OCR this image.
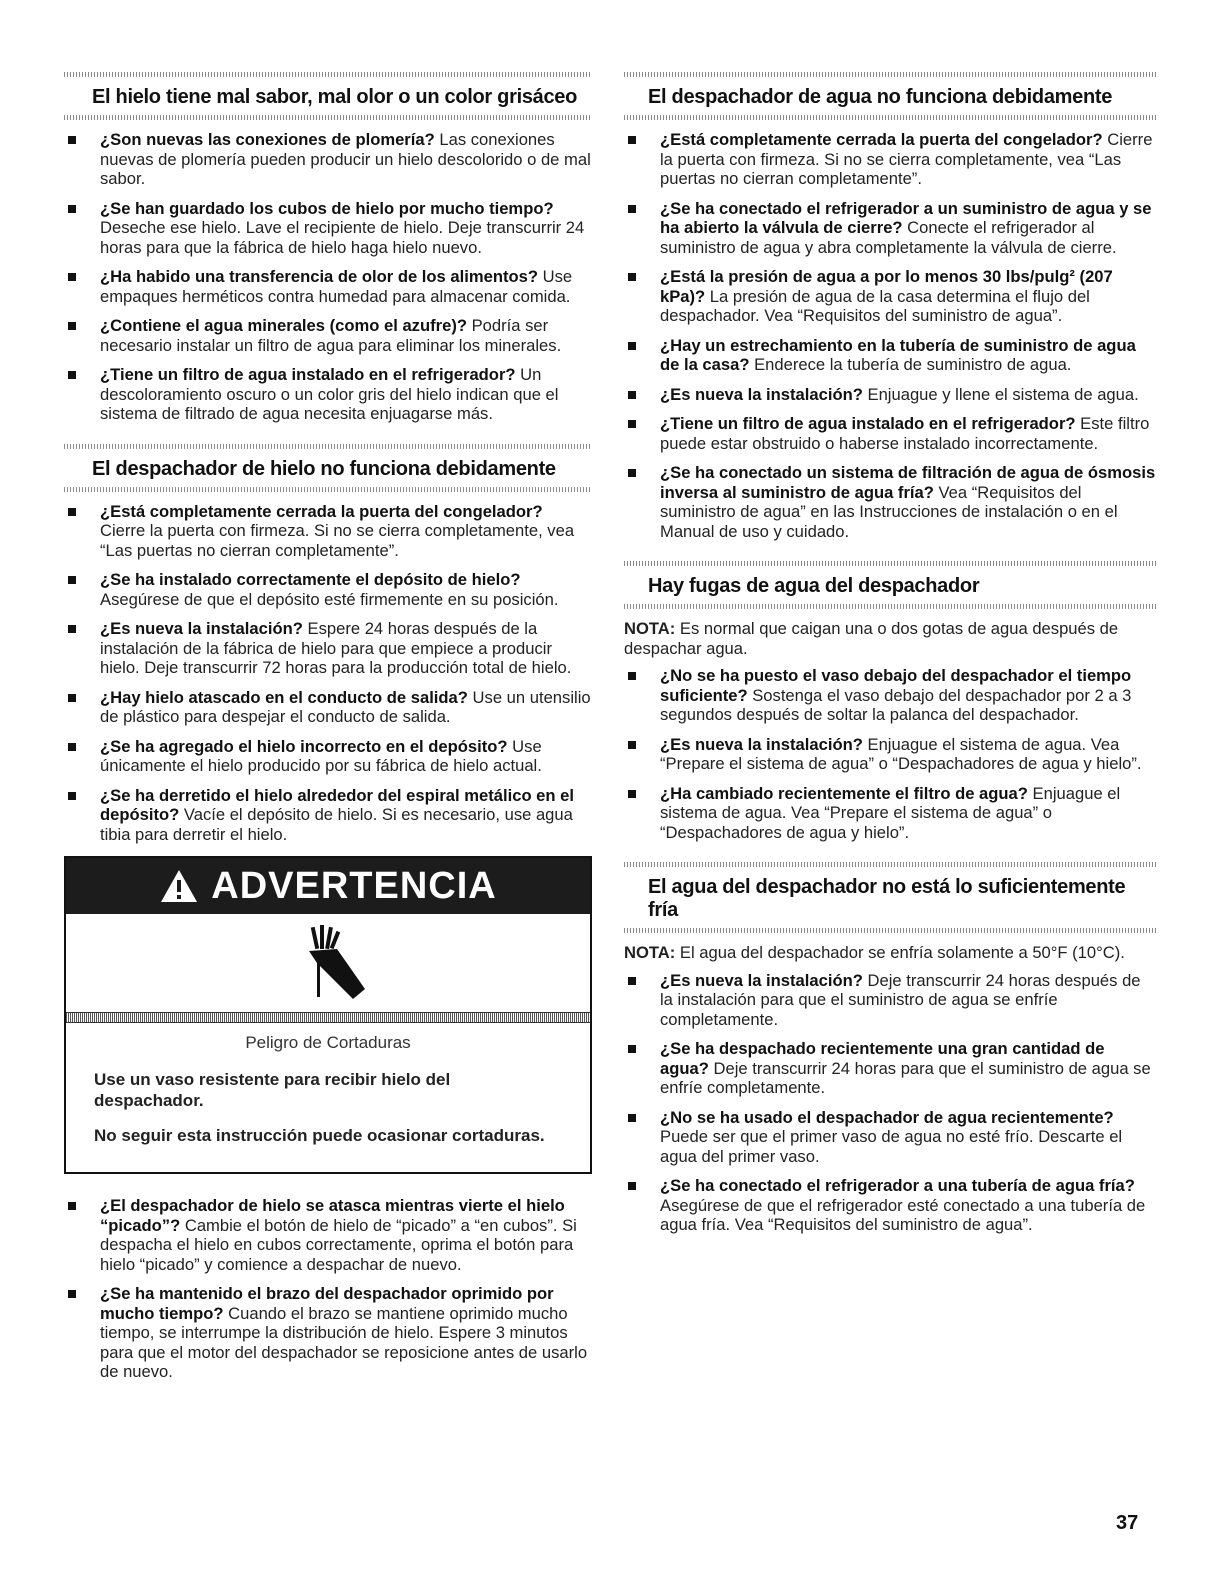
El hielo tiene mal sabor, mal olor o un color grisáceo
¿Son nuevas las conexiones de plomería? Las conexiones nuevas de plomería pueden producir un hielo descolorido o de mal sabor.
¿Se han guardado los cubos de hielo por mucho tiempo? Deseche ese hielo. Lave el recipiente de hielo. Deje transcurrir 24 horas para que la fábrica de hielo haga hielo nuevo.
¿Ha habido una transferencia de olor de los alimentos? Use empaques herméticos contra humedad para almacenar comida.
¿Contiene el agua minerales (como el azufre)? Podría ser necesario instalar un filtro de agua para eliminar los minerales.
¿Tiene un filtro de agua instalado en el refrigerador? Un descoloramiento oscuro o un color gris del hielo indican que el sistema de filtrado de agua necesita enjuagarse más.
El despachador de hielo no funciona debidamente
¿Está completamente cerrada la puerta del congelador? Cierre la puerta con firmeza. Si no se cierra completamente, vea “Las puertas no cierran completamente”.
¿Se ha instalado correctamente el depósito de hielo? Asegúrese de que el depósito esté firmemente en su posición.
¿Es nueva la instalación? Espere 24 horas después de la instalación de la fábrica de hielo para que empiece a producir hielo. Deje transcurrir 72 horas para la producción total de hielo.
¿Hay hielo atascado en el conducto de salida? Use un utensilio de plástico para despejar el conducto de salida.
¿Se ha agregado el hielo incorrecto en el depósito? Use únicamente el hielo producido por su fábrica de hielo actual.
¿Se ha derretido el hielo alrededor del espiral metálico en el depósito? Vacíe el depósito de hielo. Si es necesario, use agua tibia para derretir el hielo.
ADVERTENCIA
Peligro de Cortaduras
Use un vaso resistente para recibir hielo del despachador.
No seguir esta instrucción puede ocasionar cortaduras.
¿El despachador de hielo se atasca mientras vierte el hielo “picado”? Cambie el botón de hielo de “picado” a “en cubos”. Si despacha el hielo en cubos correctamente, oprima el botón para hielo “picado” y comience a despachar de nuevo.
¿Se ha mantenido el brazo del despachador oprimido por mucho tiempo? Cuando el brazo se mantiene oprimido mucho tiempo, se interrumpe la distribución de hielo. Espere 3 minutos para que el motor del despachador se reposicione antes de usarlo de nuevo.
El despachador de agua no funciona debidamente
¿Está completamente cerrada la puerta del congelador? Cierre la puerta con firmeza. Si no se cierra completamente, vea “Las puertas no cierran completamente”.
¿Se ha conectado el refrigerador a un suministro de agua y se ha abierto la válvula de cierre? Conecte el refrigerador al suministro de agua y abra completamente la válvula de cierre.
¿Está la presión de agua a por lo menos 30 lbs/pulg² (207 kPa)? La presión de agua de la casa determina el flujo del despachador. Vea “Requisitos del suministro de agua”.
¿Hay un estrechamiento en la tubería de suministro de agua de la casa? Enderece la tubería de suministro de agua.
¿Es nueva la instalación? Enjuague y llene el sistema de agua.
¿Tiene un filtro de agua instalado en el refrigerador? Este filtro puede estar obstruido o haberse instalado incorrectamente.
¿Se ha conectado un sistema de filtración de agua de ósmosis inversa al suministro de agua fría? Vea “Requisitos del suministro de agua” en las Instrucciones de instalación o en el Manual de uso y cuidado.
Hay fugas de agua del despachador

NOTA: Es normal que caigan una o dos gotas de agua después de despachar agua.

¿No se ha puesto el vaso debajo del despachador el tiempo suficiente? Sostenga el vaso debajo del despachador por 2 a 3 segundos después de soltar la palanca del despachador.
¿Es nueva la instalación? Enjuague el sistema de agua. Vea “Prepare el sistema de agua” o “Despachadores de agua y hielo”.
¿Ha cambiado recientemente el filtro de agua? Enjuague el sistema de agua. Vea “Prepare el sistema de agua” o “Despachadores de agua y hielo”.
El agua del despachador no está lo suficientemente fría

NOTA: El agua del despachador se enfría solamente a 50°F (10°C).

¿Es nueva la instalación? Deje transcurrir 24 horas después de la instalación para que el suministro de agua se enfríe completamente.
¿Se ha despachado recientemente una gran cantidad de agua? Deje transcurrir 24 horas para que el suministro de agua se enfríe completamente.
¿No se ha usado el despachador de agua recientemente? Puede ser que el primer vaso de agua no esté frío. Descarte el agua del primer vaso.
¿Se ha conectado el refrigerador a una tubería de agua fría? Asegúrese de que el refrigerador esté conectado a una tubería de agua fría. Vea “Requisitos del suministro de agua”.
37
